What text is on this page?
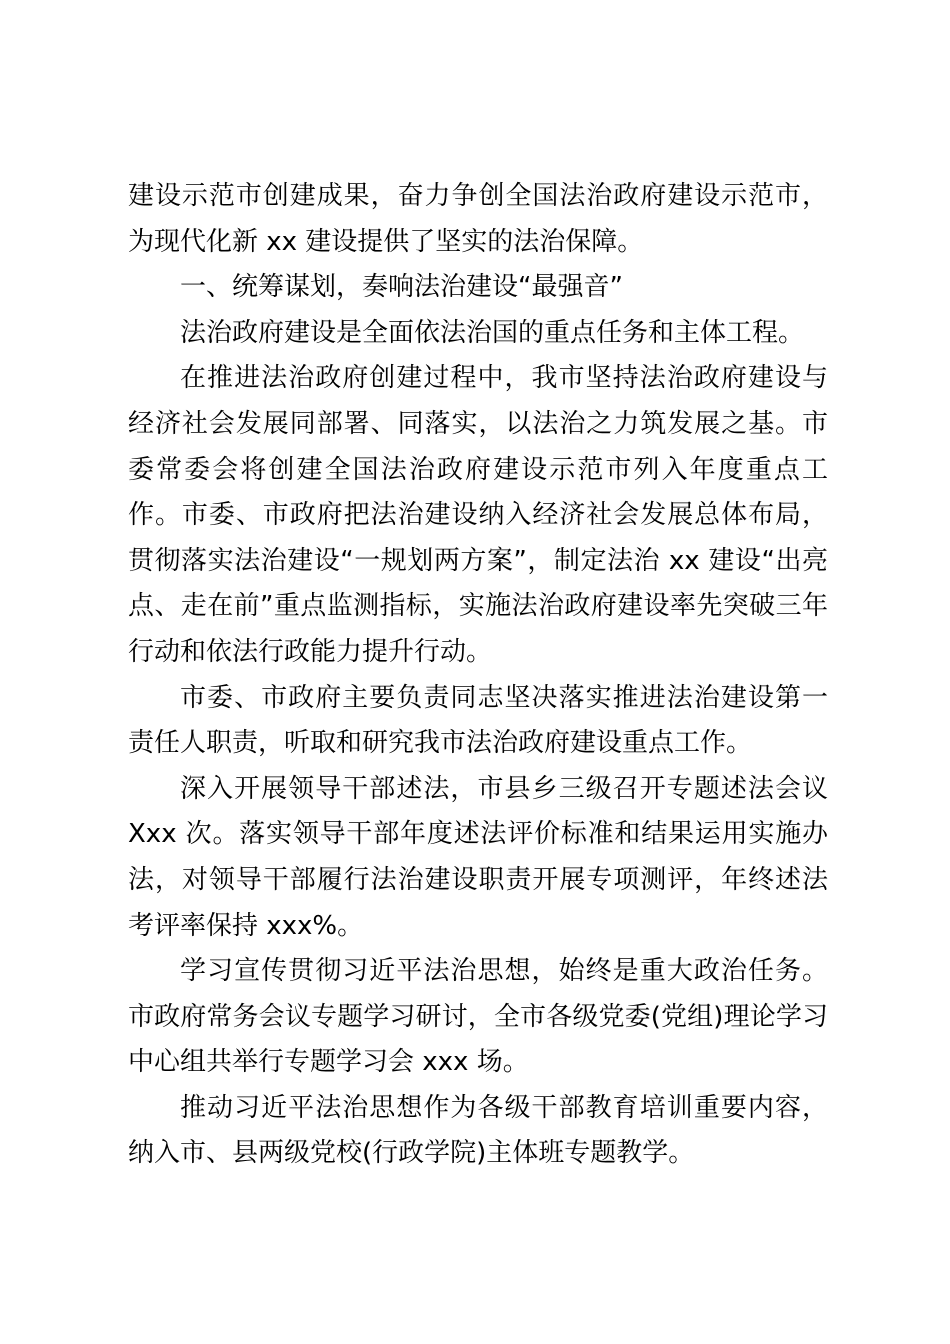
建设示范市创建成果，奋力争创全国法治政府建设示范市，为现代化新 xx 建设提供了坚实的法治保障。

一、统筹谋划，奏响法治建设“最强音”

法治政府建设是全面依法治国的重点任务和主体工程。

在推进法治政府创建过程中，我市坚持法治政府建设与经济社会发展同部署、同落实，以法治之力筑发展之基。市委常委会将创建全国法治政府建设示范市列入年度重点工作。市委、市政府把法治建设纳入经济社会发展总体布局，贯彻落实法治建设“一规划两方案”，制定法治 xx 建设“出亮点、走在前”重点监测指标，实施法治政府建设率先突破三年行动和依法行政能力提升行动。

市委、市政府主要负责同志坚决落实推进法治建设第一责任人职责，听取和研究我市法治政府建设重点工作。

深入开展领导干部述法，市县乡三级召开专题述法会议 Xxx 次。落实领导干部年度述法评价标准和结果运用实施办法，对领导干部履行法治建设职责开展专项测评，年终述法考评率保持 xxx%。

学习宣传贯彻习近平法治思想，始终是重大政治任务。市政府常务会议专题学习研讨，全市各级党委(党组)理论学习中心组共举行专题学习会 xxx 场。

推动习近平法治思想作为各级干部教育培训重要内容，纳入市、县两级党校(行政学院)主体班专题教学。
